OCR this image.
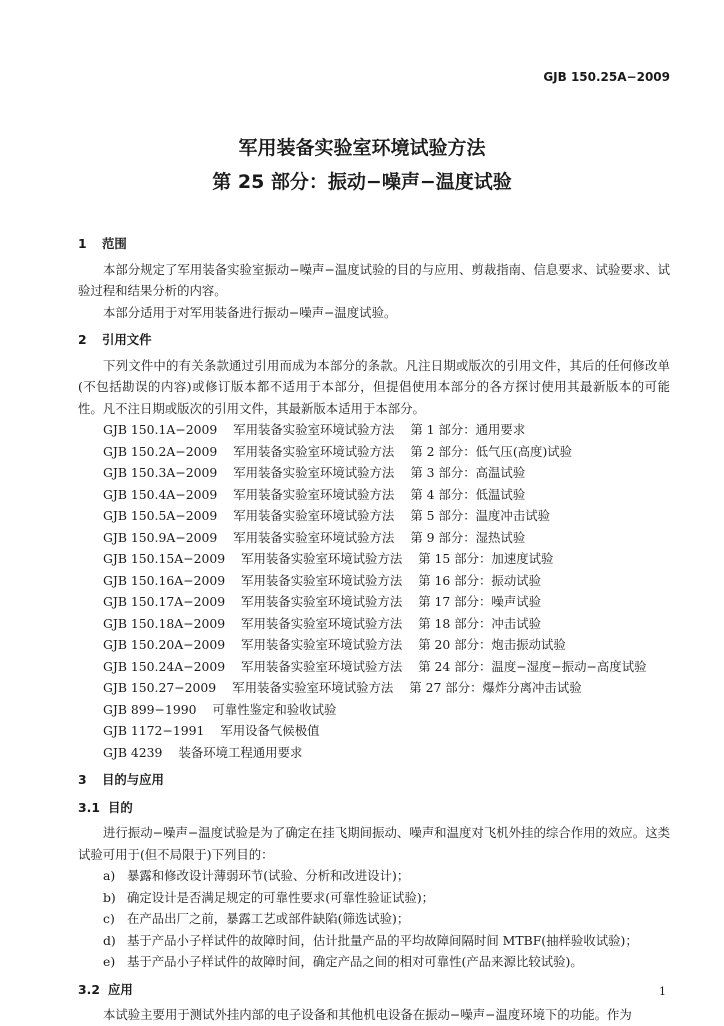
GJB 150.25A−2009
军用装备实验室环境试验方法
第 25 部分：振动−噪声−温度试验
1 范围

本部分规定了军用装备实验室振动−噪声−温度试验的目的与应用、剪裁指南、信息要求、试验要求、试验过程和结果分析的内容。

本部分适用于对军用装备进行振动−噪声−温度试验。

2 引用文件

下列文件中的有关条款通过引用而成为本部分的条款。凡注日期或版次的引用文件，其后的任何修改单(不包括勘误的内容)或修订版本都不适用于本部分，但提倡使用本部分的各方探讨使用其最新版本的可能性。凡不注日期或版次的引用文件，其最新版本适用于本部分。

GJB 150.1A−2009 军用装备实验室环境试验方法 第 1 部分：通用要求
GJB 150.2A−2009 军用装备实验室环境试验方法 第 2 部分：低气压(高度)试验
GJB 150.3A−2009 军用装备实验室环境试验方法 第 3 部分：高温试验
GJB 150.4A−2009 军用装备实验室环境试验方法 第 4 部分：低温试验
GJB 150.5A−2009 军用装备实验室环境试验方法 第 5 部分：温度冲击试验
GJB 150.9A−2009 军用装备实验室环境试验方法 第 9 部分：湿热试验
GJB 150.15A−2009 军用装备实验室环境试验方法 第 15 部分：加速度试验
GJB 150.16A−2009 军用装备实验室环境试验方法 第 16 部分：振动试验
GJB 150.17A−2009 军用装备实验室环境试验方法 第 17 部分：噪声试验
GJB 150.18A−2009 军用装备实验室环境试验方法 第 18 部分：冲击试验
GJB 150.20A−2009 军用装备实验室环境试验方法 第 20 部分：炮击振动试验
GJB 150.24A−2009 军用装备实验室环境试验方法 第 24 部分：温度−湿度−振动−高度试验
GJB 150.27−2009 军用装备实验室环境试验方法 第 27 部分：爆炸分离冲击试验
GJB 899−1990 可靠性鉴定和验收试验
GJB 1172−1991 军用设备气候极值
GJB 4239 装备环境工程通用要求
3 目的与应用
3.1 目的

进行振动−噪声−温度试验是为了确定在挂飞期间振动、噪声和温度对飞机外挂的综合作用的效应。这类试验可用于(但不局限于)下列目的：

a) 暴露和修改设计薄弱环节(试验、分析和改进设计)；
b) 确定设计是否满足规定的可靠性要求(可靠性验证试验)；
c) 在产品出厂之前，暴露工艺或部件缺陷(筛选试验)；
d) 基于产品小子样试件的故障时间，估计批量产品的平均故障间隔时间 MTBF(抽样验收试验)；
e) 基于产品小子样试件的故障时间，确定产品之间的相对可靠性(产品来源比较试验)。
3.2 应用

本试验主要用于测试外挂内部的电子设备和其他机电设备在振动−噪声−温度环境下的功能。作为

1
